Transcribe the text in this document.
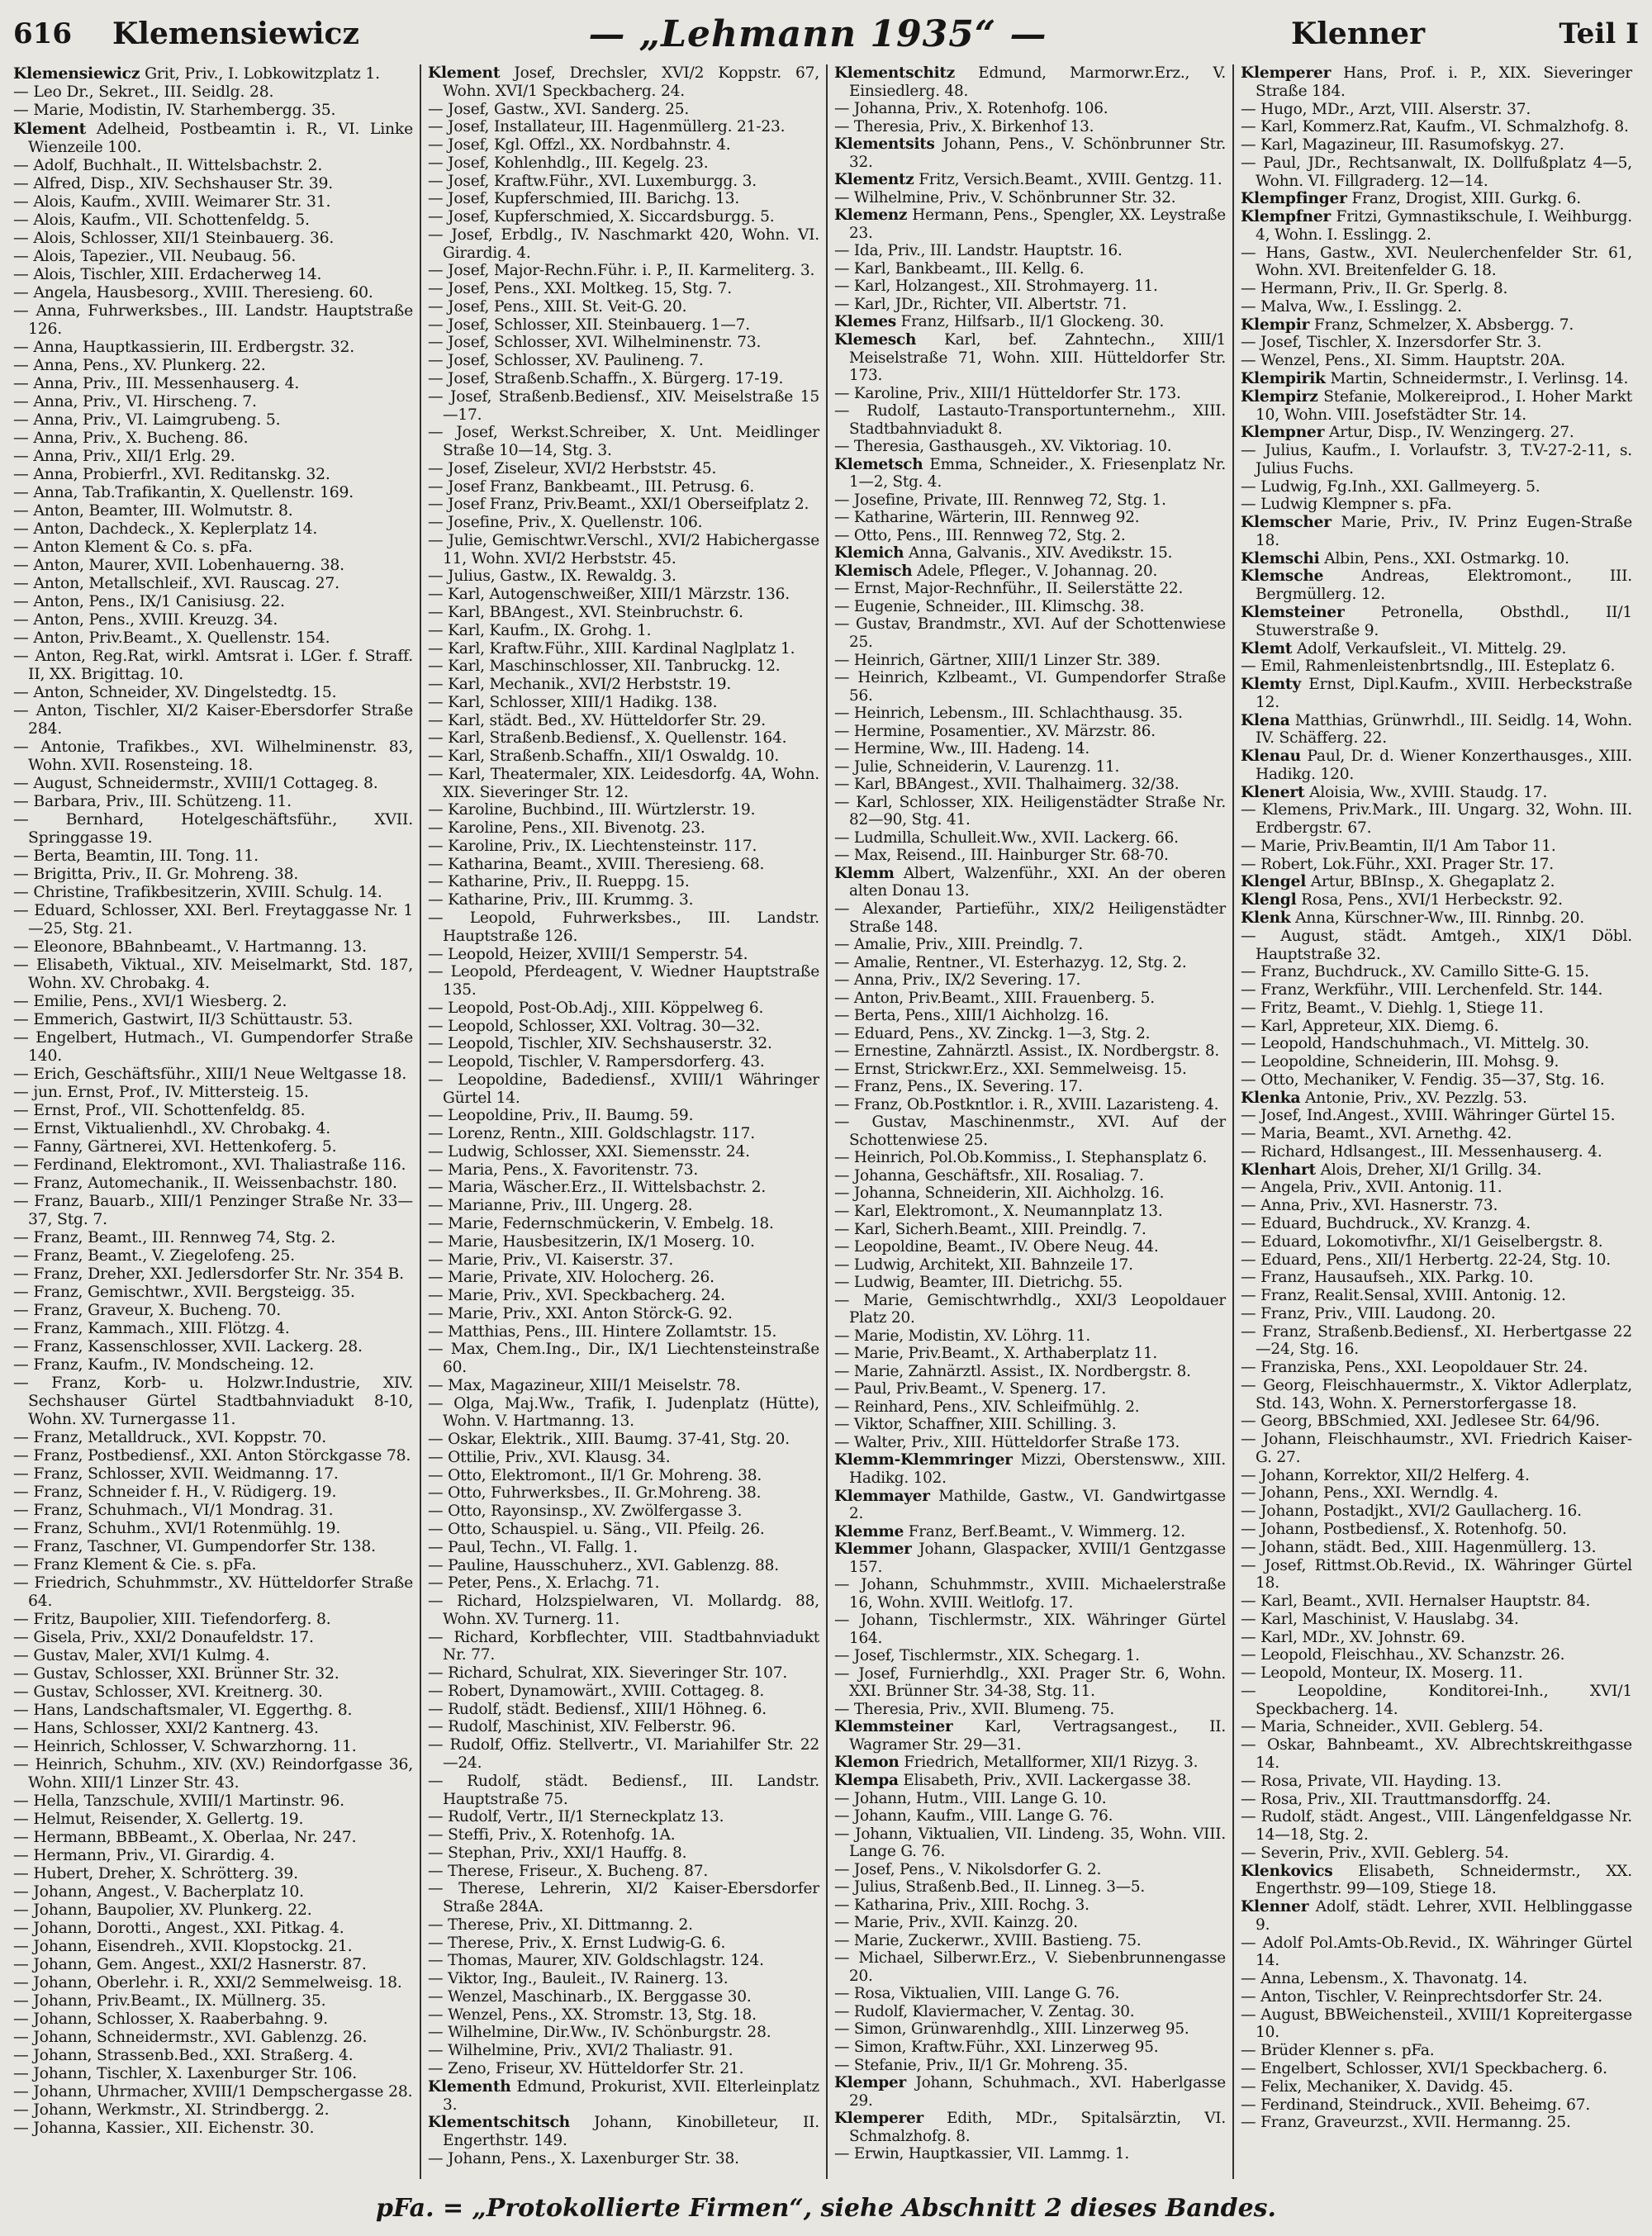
616	Klemensiewicz	— „Lehmann 1935“ —	Klenner	Teil I
Klemensiewicz Grit, Priv., I. Lobkowitzplatz 1.
— Leo Dr., Sekret., III. Seidlg. 28.
— Marie, Modistin, IV. Starhembergg. 35.
Klement Adelheid, Postbeamtin i. R., VI. Linke Wienzeile 100.
— Adolf, Buchhalt., II. Wittelsbachstr. 2.
— Alfred, Disp., XIV. Sechshauser Str. 39.
— Alois, Kaufm., XVIII. Weimarer Str. 31.
— Alois, Kaufm., VII. Schottenfeldg. 5.
— Alois, Schlosser, XII/1 Steinbauerg. 36.
— Alois, Tapezier., VII. Neubaug. 56.
— Alois, Tischler, XIII. Erdacherweg 14.
— Angela, Hausbesorg., XVIII. Theresieng. 60.
— Anna, Fuhrwerksbes., III. Landstr. Hauptstraße 126.
— Anna, Hauptkassierin, III. Erdbergstr. 32.
— Anna, Pens., XV. Plunkerg. 22.
— Anna, Priv., III. Messenhauserg. 4.
— Anna, Priv., VI. Hirscheng. 7.
— Anna, Priv., VI. Laimgrubeng. 5.
— Anna, Priv., X. Bucheng. 86.
— Anna, Priv., XII/1 Erlg. 29.
— Anna, Probierfrl., XVI. Reditanskg. 32.
— Anna, Tab.Trafikantin, X. Quellenstr. 169.
— Anton, Beamter, III. Wolmutstr. 8.
— Anton, Dachdeck., X. Keplerplatz 14.
— Anton Klement & Co. s. pFa.
— Anton, Maurer, XVII. Lobenhauerng. 38.
— Anton, Metallschleif., XVI. Rauscag. 27.
— Anton, Pens., IX/1 Canisiusg. 22.
— Anton, Pens., XVIII. Kreuzg. 34.
— Anton, Priv.Beamt., X. Quellenstr. 154.
— Anton, Reg.Rat, wirkl. Amtsrat i. LGer. f. Straff. II, XX. Brigittag. 10.
— Anton, Schneider, XV. Dingelstedtg. 15.
— Anton, Tischler, XI/2 Kaiser-Ebersdorfer Straße 284.
— Antonie, Trafikbes., XVI. Wilhelminenstr. 83, Wohn. XVII. Rosensteing. 18.
— August, Schneidermstr., XVIII/1 Cottageg. 8.
— Barbara, Priv., III. Schützeng. 11.
— Bernhard, Hotelgeschäftsführ., XVII. Springgasse 19.
— Berta, Beamtin, III. Tong. 11.
— Brigitta, Priv., II. Gr. Mohreng. 38.
— Christine, Trafikbesitzerin, XVIII. Schulg. 14.
— Eduard, Schlosser, XXI. Berl. Freytaggasse Nr. 1—25, Stg. 21.
— Eleonore, BBahnbeamt., V. Hartmanng. 13.
— Elisabeth, Viktual., XIV. Meiselmarkt, Std. 187, Wohn. XV. Chrobakg. 4.
— Emilie, Pens., XVI/1 Wiesberg. 2.
— Emmerich, Gastwirt, II/3 Schüttaustr. 53.
— Engelbert, Hutmach., VI. Gumpendorfer Straße 140.
— Erich, Geschäftsführ., XIII/1 Neue Weltgasse 18.
— jun. Ernst, Prof., IV. Mittersteig. 15.
— Ernst, Prof., VII. Schottenfeldg. 85.
— Ernst, Viktualienhdl., XV. Chrobakg. 4.
— Fanny, Gärtnerei, XVI. Hettenkoferg. 5.
— Ferdinand, Elektromont., XVI. Thaliastraße 116.
— Franz, Automechanik., II. Weissenbachstr. 180.
— Franz, Bauarb., XIII/1 Penzinger Straße Nr. 33—37, Stg. 7.
— Franz, Beamt., III. Rennweg 74, Stg. 2.
— Franz, Beamt., V. Ziegelofeng. 25.
— Franz, Dreher, XXI. Jedlersdorfer Str. Nr. 354 B.
— Franz, Gemischtwr., XVII. Bergsteigg. 35.
— Franz, Graveur, X. Bucheng. 70.
— Franz, Kammach., XIII. Flötzg. 4.
— Franz, Kassenschlosser, XVII. Lackerg. 28.
— Franz, Kaufm., IV. Mondscheing. 12.
— Franz, Korb- u. Holzwr.Industrie, XIV. Sechshauser Gürtel Stadtbahnviadukt 8-10, Wohn. XV. Turnergasse 11.
— Franz, Metalldruck., XVI. Koppstr. 70.
— Franz, Postbediensf., XXI. Anton Störckgasse 78.
— Franz, Schlosser, XVII. Weidmanng. 17.
— Franz, Schneider f. H., V. Rüdigerg. 19.
— Franz, Schuhmach., VI/1 Mondrag. 31.
— Franz, Schuhm., XVI/1 Rotenmühlg. 19.
— Franz, Taschner, VI. Gumpendorfer Str. 138.
— Franz Klement & Cie. s. pFa.
— Friedrich, Schuhmmstr., XV. Hütteldorfer Straße 64.
— Fritz, Baupolier, XIII. Tiefendorferg. 8.
— Gisela, Priv., XXI/2 Donaufeldstr. 17.
— Gustav, Maler, XVI/1 Kulmg. 4.
— Gustav, Schlosser, XXI. Brünner Str. 32.
— Gustav, Schlosser, XVI. Kreitnerg. 30.
— Hans, Landschaftsmaler, VI. Eggerthg. 8.
— Hans, Schlosser, XXI/2 Kantnerg. 43.
— Heinrich, Schlosser, V. Schwarzhorng. 11.
— Heinrich, Schuhm., XIV. (XV.) Reindorfgasse 36, Wohn. XIII/1 Linzer Str. 43.
— Hella, Tanzschule, XVIII/1 Martinstr. 96.
— Helmut, Reisender, X. Gellertg. 19.
— Hermann, BBBeamt., X. Oberlaa, Nr. 247.
— Hermann, Priv., VI. Girardig. 4.
— Hubert, Dreher, X. Schrötterg. 39.
— Johann, Angest., V. Bacherplatz 10.
— Johann, Baupolier, XV. Plunkerg. 22.
— Johann, Dorotti., Angest., XXI. Pitkag. 4.
— Johann, Eisendreh., XVII. Klopstockg. 21.
— Johann, Gem. Angest., XXI/2 Hasnerstr. 87.
— Johann, Oberlehr. i. R., XXI/2 Semmelweisg. 18.
— Johann, Priv.Beamt., IX. Müllnerg. 35.
— Johann, Schlosser, X. Raaberbahng. 9.
— Johann, Schneidermstr., XVI. Gablenzg. 26.
— Johann, Strassenb.Bed., XXI. Straßerg. 4.
— Johann, Tischler, X. Laxenburger Str. 106.
— Johann, Uhrmacher, XVIII/1 Dempschergasse 28.
— Johann, Werkmstr., XI. Strindbergg. 2.
— Johanna, Kassier., XII. Eichenstr. 30.
Klement Josef, Drechsler, XVI/2 Koppstr. 67, Wohn. XVI/1 Speckbacherg. 24.
— Josef, Gastw., XVI. Sanderg. 25.
— Josef, Installateur, III. Hagenmüllerg. 21-23.
— Josef, Kgl. Offzl., XX. Nordbahnstr. 4.
— Josef, Kohlenhdlg., III. Kegelg. 23.
— Josef, Kraftw.Führ., XVI. Luxemburgg. 3.
— Josef, Kupferschmied, III. Barichg. 13.
— Josef, Kupferschmied, X. Siccardsburgg. 5.
— Josef, Erbdlg., IV. Naschmarkt 420, Wohn. VI. Girardig. 4.
— Josef, Major-Rechn.Führ. i. P., II. Karmeliterg. 3.
— Josef, Pens., XXI. Moltkeg. 15, Stg. 7.
— Josef, Pens., XIII. St. Veit-G. 20.
— Josef, Schlosser, XII. Steinbauerg. 1—7.
— Josef, Schlosser, XVI. Wilhelminenstr. 73.
— Josef, Schlosser, XV. Paulineng. 7.
— Josef, Straßenb.Schaffn., X. Bürgerg. 17-19.
— Josef, Straßenb.Bediensf., XIV. Meiselstraße 15—17.
— Josef, Werkst.Schreiber, X. Unt. Meidlinger Straße 10—14, Stg. 3.
— Josef, Ziseleur, XVI/2 Herbststr. 45.
— Josef Franz, Bankbeamt., III. Petrusg. 6.
— Josef Franz, Priv.Beamt., XXI/1 Oberseifplatz 2.
— Josefine, Priv., X. Quellenstr. 106.
— Julie, Gemischtwr.Verschl., XVI/2 Habichergasse 11, Wohn. XVI/2 Herbststr. 45.
— Julius, Gastw., IX. Rewaldg. 3.
— Karl, Autogenschweißer, XIII/1 Märzstr. 136.
— Karl, BBAngest., XVI. Steinbruchstr. 6.
— Karl, Kaufm., IX. Grohg. 1.
— Karl, Kraftw.Führ., XIII. Kardinal Naglplatz 1.
— Karl, Maschinschlosser, XII. Tanbruckg. 12.
— Karl, Mechanik., XVI/2 Herbststr. 19.
— Karl, Schlosser, XIII/1 Hadikg. 138.
— Karl, städt. Bed., XV. Hütteldorfer Str. 29.
— Karl, Straßenb.Bediensf., X. Quellenstr. 164.
— Karl, Straßenb.Schaffn., XII/1 Oswaldg. 10.
— Karl, Theatermaler, XIX. Leidesdorfg. 4A, Wohn. XIX. Sieveringer Str. 12.
— Karoline, Buchbind., III. Würtzlerstr. 19.
— Karoline, Pens., XII. Bivenotg. 23.
— Karoline, Priv., IX. Liechtensteinstr. 117.
— Katharina, Beamt., XVIII. Theresieng. 68.
— Katharine, Priv., II. Rueppg. 15.
— Katharine, Priv., III. Krummg. 3.
— Leopold, Fuhrwerksbes., III. Landstr. Hauptstraße 126.
— Leopold, Heizer, XVIII/1 Semperstr. 54.
— Leopold, Pferdeagent, V. Wiedner Hauptstraße 135.
— Leopold, Post-Ob.Adj., XIII. Köppelweg 6.
— Leopold, Schlosser, XXI. Voltrag. 30—32.
— Leopold, Tischler, XIV. Sechshauserstr. 32.
— Leopold, Tischler, V. Rampersdorferg. 43.
— Leopoldine, Badediensf., XVIII/1 Währinger Gürtel 14.
— Leopoldine, Priv., II. Baumg. 59.
— Lorenz, Rentn., XIII. Goldschlagstr. 117.
— Ludwig, Schlosser, XXI. Siemensstr. 24.
— Maria, Pens., X. Favoritenstr. 73.
— Maria, Wäscher.Erz., II. Wittelsbachstr. 2.
— Marianne, Priv., III. Ungerg. 28.
— Marie, Federnschmückerin, V. Embelg. 18.
— Marie, Hausbesitzerin, IX/1 Moserg. 10.
— Marie, Priv., VI. Kaiserstr. 37.
— Marie, Private, XIV. Holocherg. 26.
— Marie, Priv., XVI. Speckbacherg. 24.
— Marie, Priv., XXI. Anton Störck-G. 92.
— Matthias, Pens., III. Hintere Zollamtstr. 15.
— Max, Chem.Ing., Dir., IX/1 Liechtensteinstraße 60.
— Max, Magazineur, XIII/1 Meiselstr. 78.
— Olga, Maj.Ww., Trafik, I. Judenplatz (Hütte), Wohn. V. Hartmanng. 13.
— Oskar, Elektrik., XIII. Baumg. 37-41, Stg. 20.
— Ottilie, Priv., XVI. Klausg. 34.
— Otto, Elektromont., II/1 Gr. Mohreng. 38.
— Otto, Fuhrwerksbes., II. Gr.Mohreng. 38.
— Otto, Rayonsinsp., XV. Zwölfergasse 3.
— Otto, Schauspiel. u. Säng., VII. Pfeilg. 26.
— Paul, Techn., VI. Fallg. 1.
— Pauline, Hausschuherz., XVI. Gablenzg. 88.
— Peter, Pens., X. Erlachg. 71.
— Richard, Holzspielwaren, VI. Mollardg. 88, Wohn. XV. Turnerg. 11.
— Richard, Korbflechter, VIII. Stadtbahnviadukt Nr. 77.
— Richard, Schulrat, XIX. Sieveringer Str. 107.
— Robert, Dynamowärt., XVIII. Cottageg. 8.
— Rudolf, städt. Bediensf., XIII/1 Höhneg. 6.
— Rudolf, Maschinist, XIV. Felberstr. 96.
— Rudolf, Offiz. Stellvertr., VI. Mariahilfer Str. 22—24.
— Rudolf, städt. Bediensf., III. Landstr. Hauptstraße 75.
— Rudolf, Vertr., II/1 Sterneckplatz 13.
— Steffi, Priv., X. Rotenhofg. 1A.
— Stephan, Priv., XXI/1 Hauffg. 8.
— Therese, Friseur., X. Bucheng. 87.
— Therese, Lehrerin, XI/2 Kaiser-Ebersdorfer Straße 284A.
— Therese, Priv., XI. Dittmanng. 2.
— Therese, Priv., X. Ernst Ludwig-G. 6.
— Thomas, Maurer, XIV. Goldschlagstr. 124.
— Viktor, Ing., Bauleit., IV. Rainerg. 13.
— Wenzel, Maschinarb., IX. Berggasse 30.
— Wenzel, Pens., XX. Stromstr. 13, Stg. 18.
— Wilhelmine, Dir.Ww., IV. Schönburgstr. 28.
— Wilhelmine, Priv., XVI/2 Thaliastr. 91.
— Zeno, Friseur, XV. Hütteldorfer Str. 21.
Klementh Edmund, Prokurist, XVII. Elterleinplatz 3.
Klementschitsch Johann, Kinobilleteur, II. Engerthstr. 149.
— Johann, Pens., X. Laxenburger Str. 38.
Klementschitz Edmund, Marmorwr.Erz., V. Einsiedlerg. 48.
— Johanna, Priv., X. Rotenhofg. 106.
— Theresia, Priv., X. Birkenhof 13.
Klementsits Johann, Pens., V. Schönbrunner Str. 32.
Klementz Fritz, Versich.Beamt., XVIII. Gentzg. 11.
— Wilhelmine, Priv., V. Schönbrunner Str. 32.
Klemenz Hermann, Pens., Spengler, XX. Leystraße 23.
— Ida, Priv., III. Landstr. Hauptstr. 16.
— Karl, Bankbeamt., III. Kellg. 6.
— Karl, Holzangest., XII. Strohmayerg. 11.
— Karl, JDr., Richter, VII. Albertstr. 71.
Klemes Franz, Hilfsarb., II/1 Glockeng. 30.
Klemesch Karl, bef. Zahntechn., XIII/1 Meiselstraße 71, Wohn. XIII. Hütteldorfer Str. 173.
— Karoline, Priv., XIII/1 Hütteldorfer Str. 173.
— Rudolf, Lastauto-Transportunternehm., XIII. Stadtbahnviadukt 8.
— Theresia, Gasthausgeh., XV. Viktoriag. 10.
Klemetsch Emma, Schneider., X. Friesenplatz Nr. 1—2, Stg. 4.
— Josefine, Private, III. Rennweg 72, Stg. 1.
— Katharine, Wärterin, III. Rennweg 92.
— Otto, Pens., III. Rennweg 72, Stg. 2.
Klemich Anna, Galvanis., XIV. Avedikstr. 15.
Klemisch Adele, Pfleger., V. Johannag. 20.
— Ernst, Major-Rechnführ., II. Seilerstätte 22.
— Eugenie, Schneider., III. Klimschg. 38.
— Gustav, Brandmstr., XVI. Auf der Schottenwiese 25.
— Heinrich, Gärtner, XIII/1 Linzer Str. 389.
— Heinrich, Kzlbeamt., VI. Gumpendorfer Straße 56.
— Heinrich, Lebensm., III. Schlachthausg. 35.
— Hermine, Posamentier., XV. Märzstr. 86.
— Hermine, Ww., III. Hadeng. 14.
— Julie, Schneiderin, V. Laurenzg. 11.
— Karl, BBAngest., XVII. Thalhaimerg. 32/38.
— Karl, Schlosser, XIX. Heiligenstädter Straße Nr. 82—90, Stg. 41.
— Ludmilla, Schulleit.Ww., XVII. Lackerg. 66.
— Max, Reisend., III. Hainburger Str. 68-70.
Klemm Albert, Walzenführ., XXI. An der oberen alten Donau 13.
— Alexander, Partieführ., XIX/2 Heiligenstädter Straße 148.
— Amalie, Priv., XIII. Preindlg. 7.
— Amalie, Rentner., VI. Esterhazyg. 12, Stg. 2.
— Anna, Priv., IX/2 Severing. 17.
— Anton, Priv.Beamt., XIII. Frauenberg. 5.
— Berta, Pens., XIII/1 Aichholzg. 16.
— Eduard, Pens., XV. Zinckg. 1—3, Stg. 2.
— Ernestine, Zahnärztl. Assist., IX. Nordbergstr. 8.
— Ernst, Strickwr.Erz., XXI. Semmelweisg. 15.
— Franz, Pens., IX. Severing. 17.
— Franz, Ob.Postkntlor. i. R., XVIII. Lazaristeng. 4.
— Gustav, Maschinenmstr., XVI. Auf der Schottenwiese 25.
— Heinrich, Pol.Ob.Kommiss., I. Stephansplatz 6.
— Johanna, Geschäftsfr., XII. Rosaliag. 7.
— Johanna, Schneiderin, XII. Aichholzg. 16.
— Karl, Elektromont., X. Neumannplatz 13.
— Karl, Sicherh.Beamt., XIII. Preindlg. 7.
— Leopoldine, Beamt., IV. Obere Neug. 44.
— Ludwig, Architekt, XII. Bahnzeile 17.
— Ludwig, Beamter, III. Dietrichg. 55.
— Marie, Gemischtwrhdlg., XXI/3 Leopoldauer Platz 20.
— Marie, Modistin, XV. Löhrg. 11.
— Marie, Priv.Beamt., X. Arthaberplatz 11.
— Marie, Zahnärztl. Assist., IX. Nordbergstr. 8.
— Paul, Priv.Beamt., V. Spenerg. 17.
— Reinhard, Pens., XIV. Schleifmühlg. 2.
— Viktor, Schaffner, XIII. Schilling. 3.
— Walter, Priv., XIII. Hütteldorfer Straße 173.
Klemm-Klemmringer Mizzi, Oberstensww., XIII. Hadikg. 102.
Klemmayer Mathilde, Gastw., VI. Gandwirtgasse 2.
Klemme Franz, Berf.Beamt., V. Wimmerg. 12.
Klemmer Johann, Glaspacker, XVIII/1 Gentzgasse 157.
— Johann, Schuhmmstr., XVIII. Michaelerstraße 16, Wohn. XVIII. Weitlofg. 17.
— Johann, Tischlermstr., XIX. Währinger Gürtel 164.
— Josef, Tischlermstr., XIX. Schegarg. 1.
— Josef, Furnierhdlg., XXI. Prager Str. 6, Wohn. XXI. Brünner Str. 34-38, Stg. 11.
— Theresia, Priv., XVII. Blumeng. 75.
Klemmsteiner Karl, Vertragsangest., II. Wagramer Str. 29—31.
Klemon Friedrich, Metallformer, XII/1 Rizyg. 3.
Klempa Elisabeth, Priv., XVII. Lackergasse 38.
— Johann, Hutm., VIII. Lange G. 10.
— Johann, Kaufm., VIII. Lange G. 76.
— Johann, Viktualien, VII. Lindeng. 35, Wohn. VIII. Lange G. 76.
— Josef, Pens., V. Nikolsdorfer G. 2.
— Julius, Straßenb.Bed., II. Linneg. 3—5.
— Katharina, Priv., XIII. Rochg. 3.
— Marie, Priv., XVII. Kainzg. 20.
— Marie, Zuckerwr., XVIII. Bastieng. 75.
— Michael, Silberwr.Erz., V. Siebenbrunnengasse 20.
— Rosa, Viktualien, VIII. Lange G. 76.
— Rudolf, Klaviermacher, V. Zentag. 30.
— Simon, Grünwarenhdlg., XIII. Linzerweg 95.
— Simon, Kraftw.Führ., XXI. Linzerweg 95.
— Stefanie, Priv., II/1 Gr. Mohreng. 35.
Klemper Johann, Schuhmach., XVI. Haberlgasse 29.
Klemperer Edith, MDr., Spitalsärztin, VI. Schmalzhofg. 8.
— Erwin, Hauptkassier, VII. Lammg. 1.
Klemperer Hans, Prof. i. P., XIX. Sieveringer Straße 184.
— Hugo, MDr., Arzt, VIII. Alserstr. 37.
— Karl, Kommerz.Rat, Kaufm., VI. Schmalzhofg. 8.
— Karl, Magazineur, III. Rasumofskyg. 27.
— Paul, JDr., Rechtsanwalt, IX. Dollfußplatz 4—5, Wohn. VI. Fillgraderg. 12—14.
Klempfinger Franz, Drogist, XIII. Gurkg. 6.
Klempfner Fritzi, Gymnastikschule, I. Weihburgg. 4, Wohn. I. Esslingg. 2.
— Hans, Gastw., XVI. Neulerchenfelder Str. 61, Wohn. XVI. Breitenfelder G. 18.
— Hermann, Priv., II. Gr. Sperlg. 8.
— Malva, Ww., I. Esslingg. 2.
Klempir Franz, Schmelzer, X. Absbergg. 7.
— Josef, Tischler, X. Inzersdorfer Str. 3.
— Wenzel, Pens., XI. Simm. Hauptstr. 20A.
Klempirik Martin, Schneidermstr., I. Verlinsg. 14.
Klempirz Stefanie, Molkereiprod., I. Hoher Markt 10, Wohn. VIII. Josefstädter Str. 14.
Klempner Artur, Disp., IV. Wenzingerg. 27.
— Julius, Kaufm., I. Vorlaufstr. 3, T.V-27-2-11, s. Julius Fuchs.
— Ludwig, Fg.Inh., XXI. Gallmeyerg. 5.
— Ludwig Klempner s. pFa.
Klemscher Marie, Priv., IV. Prinz Eugen-Straße 18.
Klemschi Albin, Pens., XXI. Ostmarkg. 10.
Klemsche Andreas, Elektromont., III. Bergmüllerg. 12.
Klemsteiner Petronella, Obsthdl., II/1 Stuwerstraße 9.
Klemt Adolf, Verkaufsleit., VI. Mittelg. 29.
— Emil, Rahmenleistenbrtsndlg., III. Esteplatz 6.
Klemty Ernst, Dipl.Kaufm., XVIII. Herbeckstraße 12.
Klena Matthias, Grünwrhdl., III. Seidlg. 14, Wohn. IV. Schäfferg. 22.
Klenau Paul, Dr. d. Wiener Konzerthausges., XIII. Hadikg. 120.
Klenert Aloisia, Ww., XVIII. Staudg. 17.
— Klemens, Priv.Mark., III. Ungarg. 32, Wohn. III. Erdbergstr. 67.
— Marie, Priv.Beamtin, II/1 Am Tabor 11.
— Robert, Lok.Führ., XXI. Prager Str. 17.
Klengel Artur, BBInsp., X. Ghegaplatz 2.
Klengl Rosa, Pens., XVI/1 Herbeckstr. 92.
Klenk Anna, Kürschner-Ww., III. Rinnbg. 20.
— August, städt. Amtgeh., XIX/1 Döbl. Hauptstraße 32.
— Franz, Buchdruck., XV. Camillo Sitte-G. 15.
— Franz, Werkführ., VIII. Lerchenfeld. Str. 144.
— Fritz, Beamt., V. Diehlg. 1, Stiege 11.
— Karl, Appreteur, XIX. Diemg. 6.
— Leopold, Handschuhmach., VI. Mittelg. 30.
— Leopoldine, Schneiderin, III. Mohsg. 9.
— Otto, Mechaniker, V. Fendig. 35—37, Stg. 16.
Klenka Antonie, Priv., XV. Pezzlg. 53.
— Josef, Ind.Angest., XVIII. Währinger Gürtel 15.
— Maria, Beamt., XVI. Arnethg. 42.
— Richard, Hdlsangest., III. Messenhauserg. 4.
Klenhart Alois, Dreher, XI/1 Grillg. 34.
— Angela, Priv., XVII. Antonig. 11.
— Anna, Priv., XVI. Hasnerstr. 73.
— Eduard, Buchdruck., XV. Kranzg. 4.
— Eduard, Lokomotivfhr., XI/1 Geiselbergstr. 8.
— Eduard, Pens., XII/1 Herbertg. 22-24, Stg. 10.
— Franz, Hausaufseh., XIX. Parkg. 10.
— Franz, Realit.Sensal, XVIII. Antonig. 12.
— Franz, Priv., VIII. Laudong. 20.
— Franz, Straßenb.Bediensf., XI. Herbertgasse 22—24, Stg. 16.
— Franziska, Pens., XXI. Leopoldauer Str. 24.
— Georg, Fleischhauermstr., X. Viktor Adlerplatz, Std. 143, Wohn. X. Pernerstorfergasse 18.
— Georg, BBSchmied, XXI. Jedlesee Str. 64/96.
— Johann, Fleischhaumstr., XVI. Friedrich Kaiser-G. 27.
— Johann, Korrektor, XII/2 Helferg. 4.
— Johann, Pens., XXI. Werndlg. 4.
— Johann, Postadjkt., XVI/2 Gaullacherg. 16.
— Johann, Postbediensf., X. Rotenhofg. 50.
— Johann, städt. Bed., XIII. Hagenmüllerg. 13.
— Josef, Rittmst.Ob.Revid., IX. Währinger Gürtel 18.
— Karl, Beamt., XVII. Hernalser Hauptstr. 84.
— Karl, Maschinist, V. Hauslabg. 34.
— Karl, MDr., XV. Johnstr. 69.
— Leopold, Fleischhau., XV. Schanzstr. 26.
— Leopold, Monteur, IX. Moserg. 11.
— Leopoldine, Konditorei-Inh., XVI/1 Speckbacherg. 14.
— Maria, Schneider., XVII. Geblerg. 54.
— Oskar, Bahnbeamt., XV. Albrechtskreithgasse 14.
— Rosa, Private, VII. Hayding. 13.
— Rosa, Priv., XII. Trauttmansdorffg. 24.
— Rudolf, städt. Angest., VIII. Längenfeldgasse Nr. 14—18, Stg. 2.
— Severin, Priv., XVII. Geblerg. 54.
Klenkovics Elisabeth, Schneidermstr., XX. Engerthstr. 99—109, Stiege 18.
Klenner Adolf, städt. Lehrer, XVII. Helblinggasse 9.
— Adolf Pol.Amts-Ob.Revid., IX. Währinger Gürtel 14.
— Anna, Lebensm., X. Thavonatg. 14.
— Anton, Tischler, V. Reinprechtsdorfer Str. 24.
— August, BBWeichensteil., XVIII/1 Kopreitergasse 10.
— Brüder Klenner s. pFa.
— Engelbert, Schlosser, XVI/1 Speckbacherg. 6.
— Felix, Mechaniker, X. Davidg. 45.
— Ferdinand, Steindruck., XVII. Beheimg. 67.
— Franz, Graveurzst., XVII. Hermanng. 25.
pFa. = „Protokollierte Firmen“, siehe Abschnitt 2 dieses Bandes.
